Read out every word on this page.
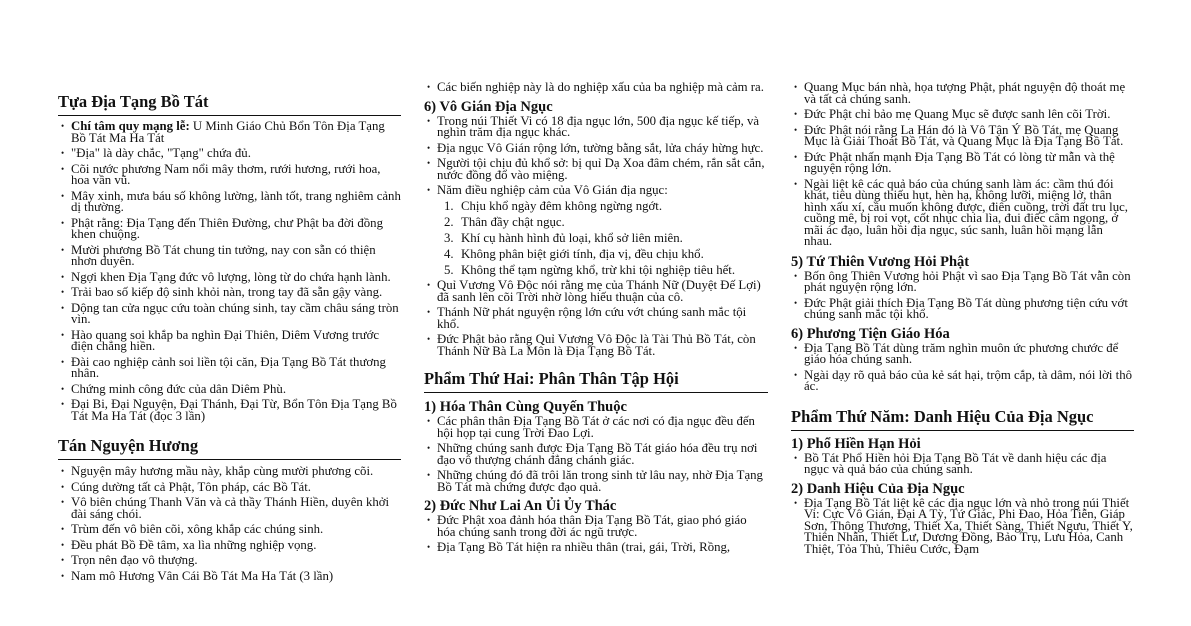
Tựa Địa Tạng Bồ Tát
• Chí tâm quy mạng lễ: U Minh Giáo Chủ Bổn Tôn Địa Tạng Bồ Tát Ma Ha Tát
• "Địa" là dày chắc, "Tạng" chứa đủ.
• Cõi nước phương Nam nổi mây thơm, rưới hương, rưới hoa, hoa vần vũ.
• Mây xinh, mưa báu số không lường, lành tốt, trang nghiêm cảnh dị thường.
• Phật rằng: Địa Tạng đến Thiên Đường, chư Phật ba đời đồng khen chuộng.
• Mười phương Bồ Tát chung tin tưởng, nay con sẵn có thiện nhơn duyên.
• Ngợi khen Địa Tạng đức vô lượng, lòng từ do chứa hạnh lành.
• Trải bao số kiếp độ sinh khỏi nàn, trong tay đã sẵn gậy vàng.
• Dộng tan cửa ngục cứu toàn chúng sinh, tay cầm châu sáng tròn vìn.
• Hào quang soi khắp ba nghìn Đại Thiên, Diêm Vương trước điện chẳng hiền.
• Đài cao nghiệp cảnh soi liền tội căn, Địa Tạng Bồ Tát thương nhân.
• Chứng minh công đức của dân Diêm Phù.
• Đại Bi, Đại Nguyện, Đại Thánh, Đại Từ, Bổn Tôn Địa Tạng Bồ Tát Ma Ha Tát (đọc 3 lần)
Tán Nguyện Hương
• Nguyện mây hương mầu này, khắp cùng mười phương cõi.
• Cúng dường tất cả Phật, Tôn pháp, các Bồ Tát.
• Vô biên chúng Thanh Văn và cả thầy Thánh Hiền, duyên khởi đài sáng chói.
• Trùm đến vô biên cõi, xông khắp các chúng sinh.
• Đều phát Bồ Đề tâm, xa lìa những nghiệp vọng.
• Trọn nên đạo vô thượng.
• Nam mô Hương Vân Cái Bồ Tát Ma Ha Tát (3 lần)
• Các biến nghiệp này là do nghiệp xấu của ba nghiệp mà cảm ra.
6) Vô Gián Địa Ngục
• Trong núi Thiết Vi có 18 địa ngục lớn, 500 địa ngục kế tiếp, và nghìn trăm địa ngục khác.
• Địa ngục Vô Gián rộng lớn, tường bằng sắt, lửa cháy hừng hực.
• Người tội chịu đủ khổ sở: bị quỉ Dạ Xoa đâm chém, rắn sắt cắn, nước đồng đổ vào miệng.
• Năm điều nghiệp cảm của Vô Gián địa ngục:
1. Chịu khổ ngày đêm không ngừng ngớt.
2. Thân đầy chật ngục.
3. Khí cụ hành hình đủ loại, khổ sở liên miên.
4. Không phân biệt giới tính, địa vị, đều chịu khổ.
5. Không thể tạm ngừng khổ, trừ khi tội nghiệp tiêu hết.
• Quỉ Vương Vô Độc nói rằng mẹ của Thánh Nữ (Duyệt Đế Lợi) đã sanh lên cõi Trời nhờ lòng hiếu thuận của cô.
• Thánh Nữ phát nguyện rộng lớn cứu vớt chúng sanh mắc tội khổ.
• Đức Phật bảo rằng Quỉ Vương Vô Độc là Tài Thủ Bồ Tát, còn Thánh Nữ Bà La Môn là Địa Tạng Bồ Tát.
Phẩm Thứ Hai: Phân Thân Tập Hội
1) Hóa Thân Cùng Quyến Thuộc
• Các phân thân Địa Tạng Bồ Tát ở các nơi có địa ngục đều đến hội họp tại cung Trời Đao Lợi.
• Những chúng sanh được Địa Tạng Bồ Tát giáo hóa đều trụ nơi đạo vô thượng chánh đẳng chánh giác.
• Những chúng đó đã trôi lăn trong sinh tử lâu nay, nhờ Địa Tạng Bồ Tát mà chứng được đạo quả.
2) Đức Như Lai An Ủi Ủy Thác
• Đức Phật xoa đảnh hóa thân Địa Tạng Bồ Tát, giao phó giáo hóa chúng sanh trong đời ác ngũ trược.
• Địa Tạng Bồ Tát hiện ra nhiều thân (trai, gái, Trời, Rồng,
• Quang Mục bán nhà, họa tượng Phật, phát nguyện độ thoát mẹ và tất cả chúng sanh.
• Đức Phật chỉ bảo mẹ Quang Mục sẽ được sanh lên cõi Trời.
• Đức Phật nói rằng La Hán đó là Vô Tận Ý Bồ Tát, mẹ Quang Mục là Giải Thoát Bồ Tát, và Quang Mục là Địa Tạng Bồ Tát.
• Đức Phật nhấn mạnh Địa Tạng Bồ Tát có lòng từ mẫn và thệ nguyện rộng lớn.
• Ngài liệt kê các quả báo của chúng sanh làm ác: cầm thú đói khát, tiêu dùng thiếu hụt, hèn hạ, không lưỡi, miệng lở, thân hình xấu xí, cầu muốn không được, điên cuồng, trời đất tru lục, cuồng mê, bị roi vọt, cốt nhục chia lìa, đui điếc câm ngọng, ở mãi ác đạo, luân hồi địa ngục, súc sanh, luân hồi mạng lẫn nhau.
5) Tứ Thiên Vương Hỏi Phật
• Bốn ông Thiên Vương hỏi Phật vì sao Địa Tạng Bồ Tát vẫn còn phát nguyện rộng lớn.
• Đức Phật giải thích Địa Tạng Bồ Tát dùng phương tiện cứu vớt chúng sanh mắc tội khổ.
6) Phương Tiện Giáo Hóa
• Địa Tạng Bồ Tát dùng trăm nghìn muôn ức phương chước để giáo hóa chúng sanh.
• Ngài dạy rõ quả báo của kẻ sát hại, trộm cắp, tà dâm, nói lời thô ác.
Phẩm Thứ Năm: Danh Hiệu Của Địa Ngục
1) Phổ Hiền Hạn Hỏi
• Bồ Tát Phổ Hiền hỏi Địa Tạng Bồ Tát về danh hiệu các địa ngục và quả báo của chúng sanh.
2) Danh Hiệu Của Địa Ngục
• Địa Tạng Bồ Tát liệt kê các địa ngục lớn và nhỏ trong núi Thiết Vi: Cực Vô Gián, Đại A Tỳ, Tứ Giác, Phi Đao, Hỏa Tiễn, Giáp Sơn, Thông Thương, Thiết Xa, Thiết Sàng, Thiết Ngưu, Thiết Y, Thiên Nhẫn, Thiết Lư, Dương Đồng, Bảo Trụ, Lưu Hỏa, Canh Thiệt, Tỏa Thủ, Thiêu Cước, Đạm
